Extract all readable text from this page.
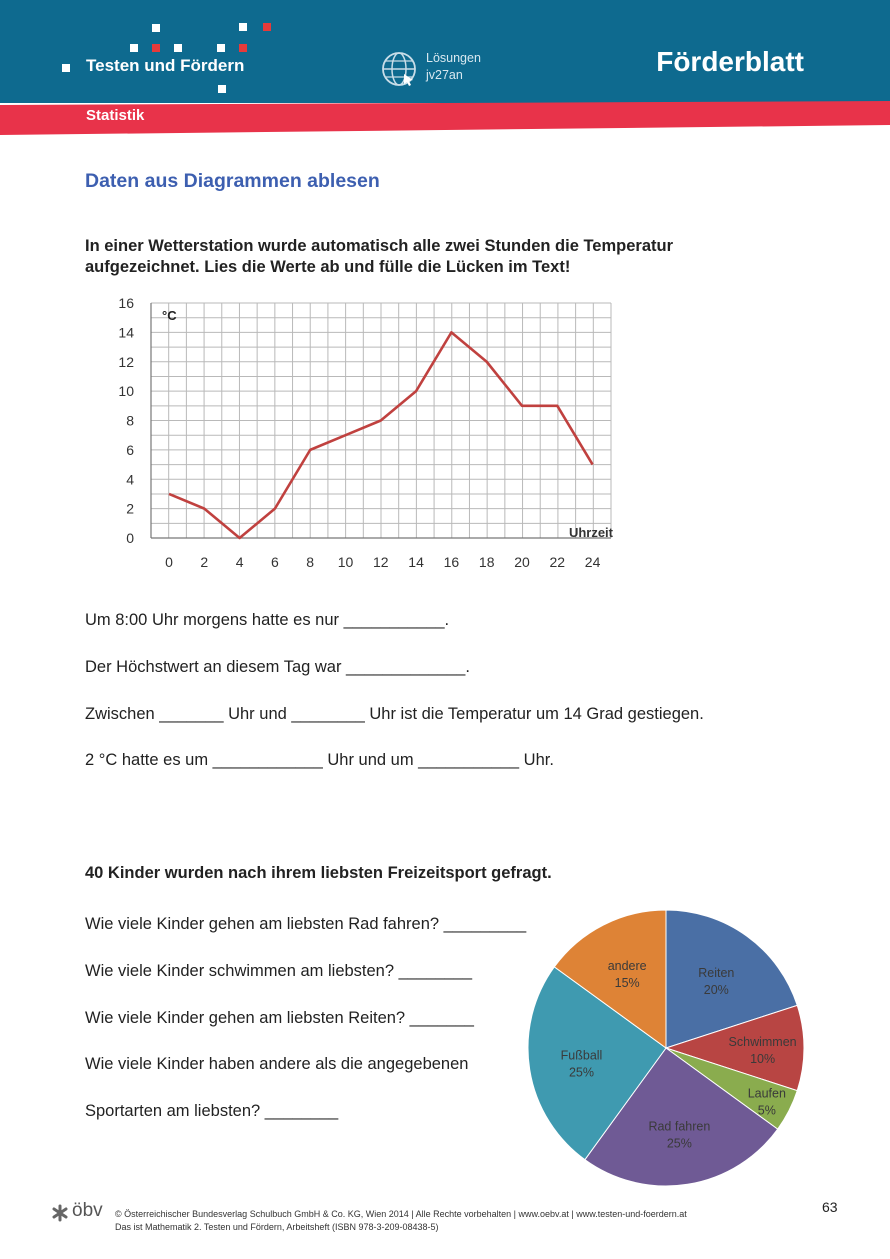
Testen und Fördern	Lösungen
jv27an	Förderblatt
Statistik
Daten aus Diagrammen ablesen
In einer Wetterstation wurde automatisch alle zwei Stunden die Temperatur
aufgezeichnet. Lies die Werte ab und fülle die Lücken im Text!
0
2
4
6
8
10
12
14
16
0 2 4 6 8 10 12 14 16 18 20 22 24
°C
Uhrzeit
Um 8:00 Uhr morgens hatte es nur ___________.
Der Höchstwert an diesem Tag war _____________.
Zwischen _______ Uhr und ________ Uhr ist die Temperatur um 14 Grad gestiegen.
2 °C hatte es um ____________ Uhr und um ___________ Uhr.
40 Kinder wurden nach ihrem liebsten Freizeitsport gefragt.
Wie viele Kinder gehen am liebsten Rad fahren? _________
Wie viele Kinder schwimmen am liebsten? ________
Wie viele Kinder gehen am liebsten Reiten? _______
Wie viele Kinder haben andere als die angegebenen
Sportarten am liebsten? ________
Reiten
20%
Schwimmen
10%
Laufen
5%
Rad fahren
25%
Fußball
25%
andere
15%
öbv © Österreichischer Bundesverlag Schulbuch GmbH & Co. KG, Wien 2014 | Alle Rechte vorbehalten | www.oebv.at | www.testen-und-foerdern.at
Das ist Mathematik 2. Testen und Fördern, Arbeitsheft (ISBN 978-3-209-08438-5)
63
